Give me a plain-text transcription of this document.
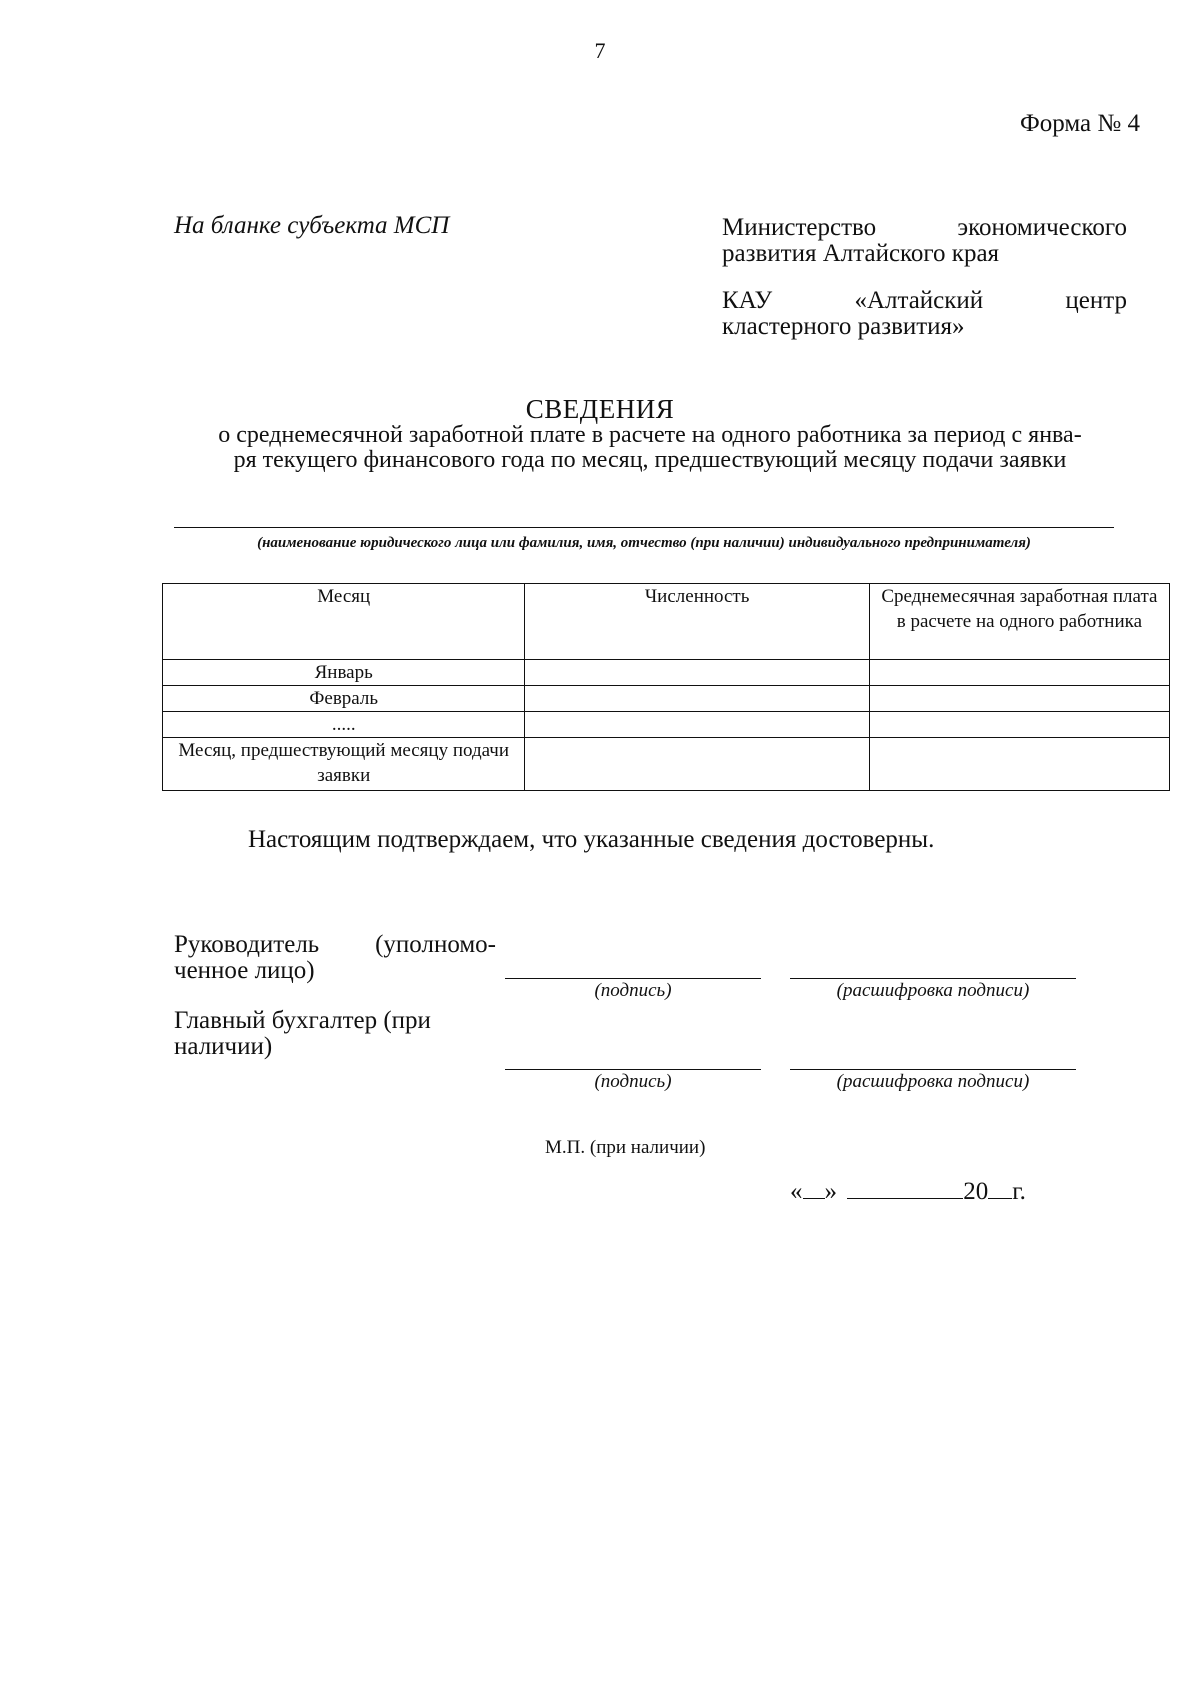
7
Форма № 4
На бланке субъекта МСП	Министерство экономического
развития Алтайского края
КАУ «Алтайский центр
кластерного развития»
СВЕДЕНИЯ
о среднемесячной заработной плате в расчете на одного работника за период с янва-
ря текущего финансового года по месяц, предшествующий месяцу подачи заявки
(наименование юридического лица или фамилия, имя, отчество (при наличии) индивидуального предпринимателя)
Месяц	Численность	Среднемесячная заработная плата в расчете на одного работника
Январь		
Февраль		
.....		
Месяц, предшествующий месяцу подачи заявки		
Настоящим подтверждаем, что указанные сведения достоверны.
Руководитель (уполномо-
ченное лицо)
(подпись)	(расшифровка подписи)
Главный бухгалтер (при
наличии)
(подпись)	(расшифровка подписи)
М.П. (при наличии)
« »	20 г.
